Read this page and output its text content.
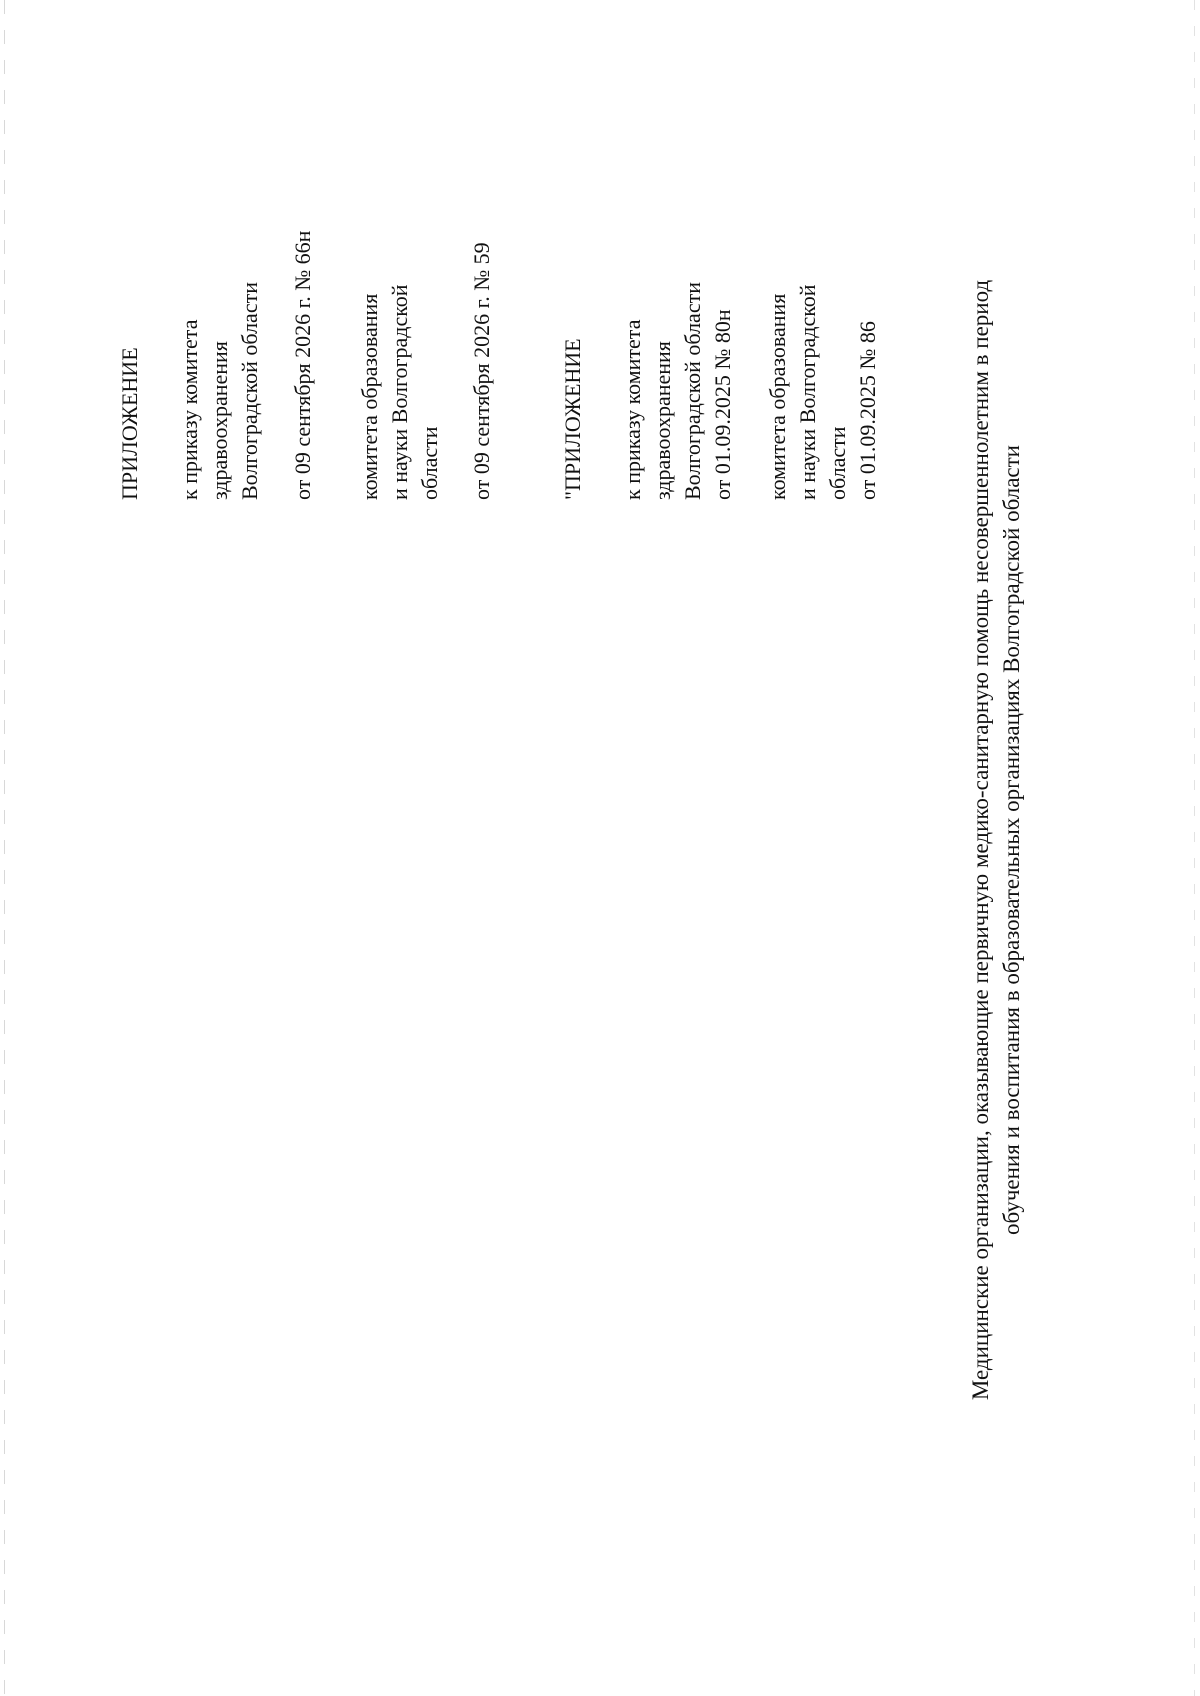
ПРИЛОЖЕНИЕ к приказу комитета здравоохранения Волгоградской области от 09 сентября 2026 г. № 66н комитета образования и науки Волгоградской области от 09 сентября 2026 г. № 59	"ПРИЛОЖЕНИЕ к приказу комитета здравоохранения Волгоградской области от 01.09.2025 № 80н комитета образования и науки Волгоградской области от 01.09.2025 № 86	Медицинские организации, оказывающие первичную медико-санитарную помощь несовершеннолетним в период обучения и воспитания в образовательных организациях Волгоградской области
